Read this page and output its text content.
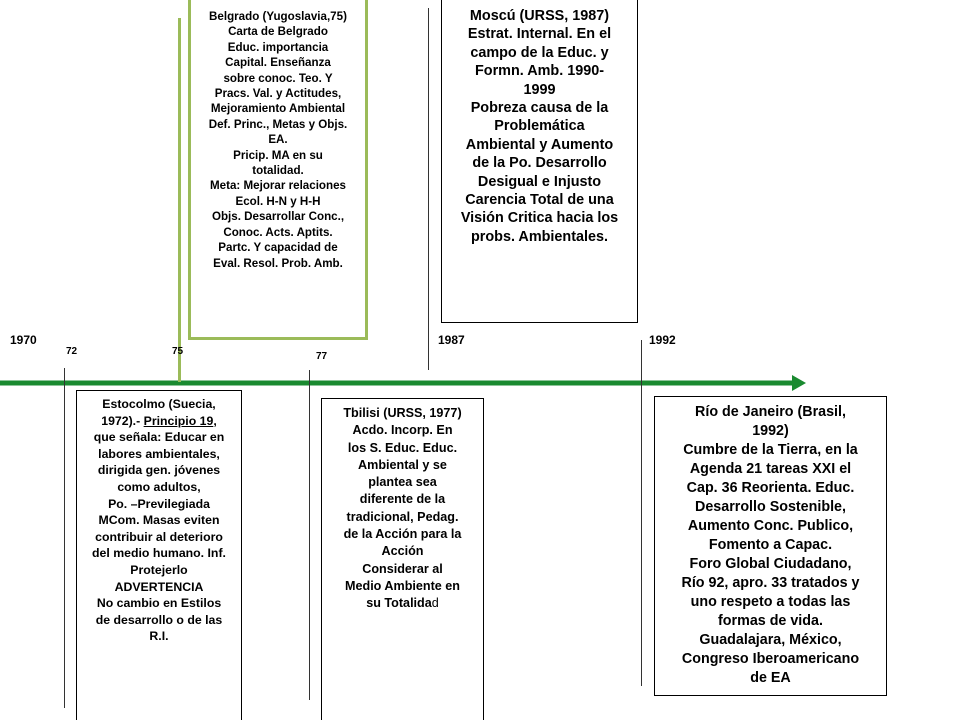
1970
72	75	77
1987	1992

Belgrado (Yugoslavia,75)

Carta de Belgrado

Educ. importancia

Capital. Enseñanza

sobre conoc. Teo. Y

Pracs. Val. y Actitudes,

Mejoramiento Ambiental

Def. Princ., Metas y Objs.

EA.

Pricip. MA en su

totalidad.

Meta: Mejorar relaciones

Ecol. H-N y H-H

Objs. Desarrollar Conc.,

Conoc. Acts. Aptits.

Partc. Y capacidad de

Eval. Resol. Prob. Amb.

Moscú (URSS, 1987)

Estrat. Internal. En el

campo de la Educ. y

Formn. Amb. 1990-

1999

Pobreza causa de la

Problemática

Ambiental y Aumento

de la Po. Desarrollo

Desigual e Injusto

Carencia Total de una

Visión Critica hacia los

probs. Ambientales.

Estocolmo (Suecia,

1972).- Principio 19,

que señala: Educar en

labores ambientales,

dirigida gen. jóvenes

como adultos,

Po. –Previlegiada

MCom. Masas eviten

contribuir al deterioro

del medio humano. Inf.

Protejerlo

ADVERTENCIA

No cambio en Estilos

de desarrollo o de las

R.I.

Tbilisi (URSS, 1977)

Acdo. Incorp. En

los S. Educ. Educ.

Ambiental y se

plantea sea

diferente de la

tradicional, Pedag.

de la Acción para la

Acción

Considerar al

Medio Ambiente en

su Totalidad

Río de Janeiro (Brasil,

1992)

Cumbre de la Tierra, en la

Agenda 21 tareas XXI el

Cap. 36 Reorienta. Educ.

Desarrollo Sostenible,

Aumento Conc. Publico,

Fomento a Capac.

Foro Global Ciudadano,

Río 92, apro. 33 tratados y

uno respeto a todas las

formas de vida.

Guadalajara, México,

Congreso Iberoamericano

de EA
